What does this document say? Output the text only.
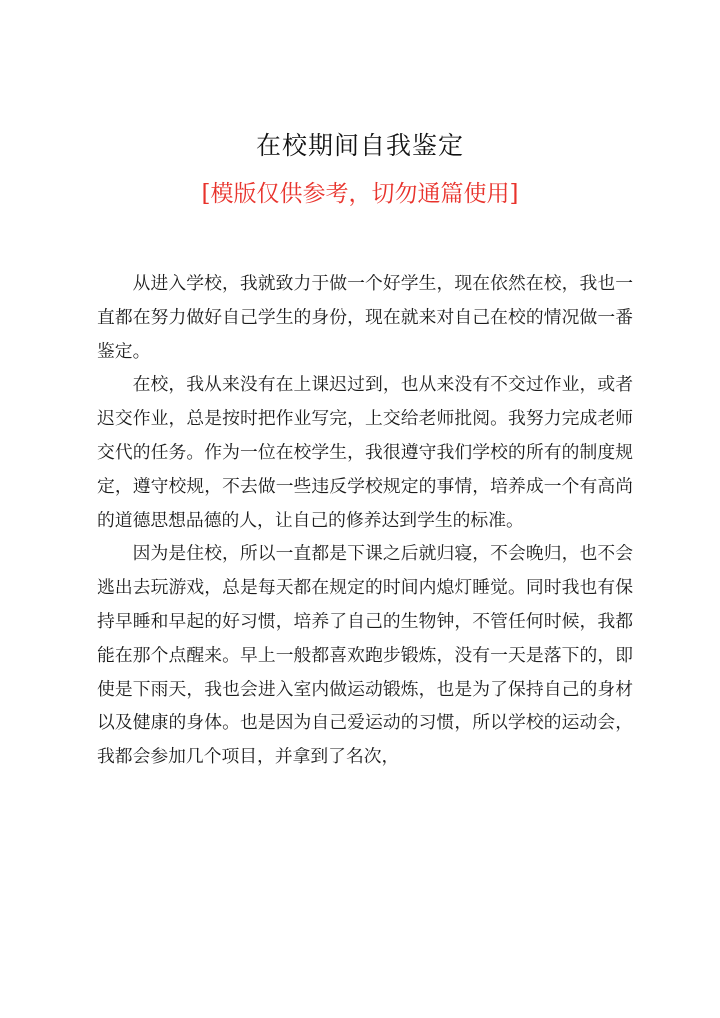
在校期间自我鉴定
[模版仅供参考，切勿通篇使用]

从进入学校，我就致力于做一个好学生，现在依然在校，我也一直都在努力做好自己学生的身份，现在就来对自己在校的情况做一番鉴定。

在校，我从来没有在上课迟过到，也从来没有不交过作业，或者迟交作业，总是按时把作业写完，上交给老师批阅。我努力完成老师交代的任务。作为一位在校学生，我很遵守我们学校的所有的制度规定，遵守校规，不去做一些违反学校规定的事情，培养成一个有高尚的道德思想品德的人，让自己的修养达到学生的标准。

因为是住校，所以一直都是下课之后就归寝，不会晚归，也不会逃出去玩游戏，总是每天都在规定的时间内熄灯睡觉。同时我也有保持早睡和早起的好习惯，培养了自己的生物钟，不管任何时候，我都能在那个点醒来。早上一般都喜欢跑步锻炼，没有一天是落下的，即使是下雨天，我也会进入室内做运动锻炼，也是为了保持自己的身材以及健康的身体。也是因为自己爱运动的习惯，所以学校的运动会，我都会参加几个项目，并拿到了名次，
